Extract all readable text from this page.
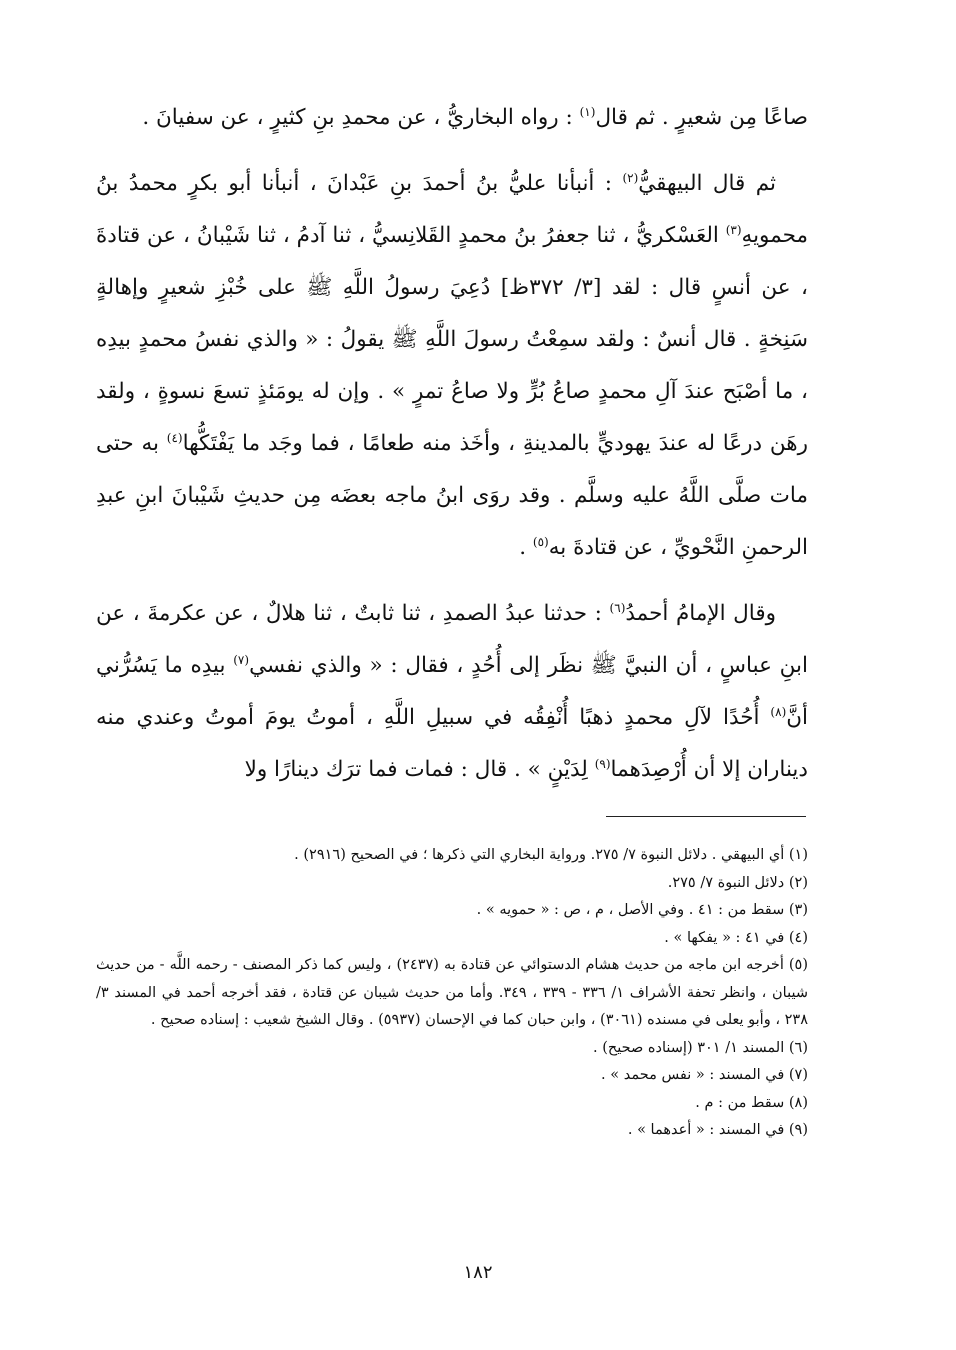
صاعًا مِن شعيرٍ . ثم قال$^{(١)}$ : رواه البخاريُّ ، عن محمدِ بنِ كثيرٍ ، عن سفيانَ .

ثم قال البيهقيُّ$^{(٢)}$ : أنبأنا عليُّ بنُ أحمدَ بنِ عَبْدانَ ، أنبأنا أبو بكرٍ محمدُ بنُ محمويهِ$^{(٣)}$ العَسْكريُّ ، ثنا جعفرُ بنُ محمدٍ القَلانِسيُّ ، ثنا آدمُ ، ثنا شَيْبانُ ، عن قتادةَ ، عن أنسٍ قال : لقد [٣/ ٣٧٢ظ] دُعِيَ رسولُ اللَّهِ ﷺ على خُبْزِ شعيرٍ وإهالةٍ سَنِخةٍ . قال أنسٌ : ولقد سمِعْتُ رسولَ اللَّهِ ﷺ يقولُ : « والذي نفسُ محمدٍ بيدِه ، ما أصْبَح عندَ آلِ محمدٍ صاعُ بُرٍّ ولا صاعُ تمرٍ » . وإن له يومَئذٍ تسعَ نسوةٍ ، ولقد رهَن درعًا له عندَ يهوديٍّ بالمدينةِ ، وأخَذ منه طعامًا ، فما وجَد ما يَفْتَكُّها$^{(٤)}$ به حتى مات صلَّى اللَّهُ عليه وسلَّم . وقد روَى ابنُ ماجه بعضَه مِن حديثِ شَيْبانَ ابنِ عبدِ الرحمنِ النَّحْويِّ ، عن قتادةَ به$^{(٥)}$ .

وقال الإمامُ أحمدُ$^{(٦)}$ : حدثنا عبدُ الصمدِ ، ثنا ثابتٌ ، ثنا هلالٌ ، عن عكرمةَ ، عن ابنِ عباسٍ ، أن النبيَّ ﷺ نظَر إلى أُحُدٍ ، فقال : « والذي نفسي$^{(٧)}$ بيدِه ما يَسُرُّني أنَّ$^{(٨)}$ أُحُدًا لآلِ محمدٍ ذهبًا أُنْفِقُه في سبيلِ اللَّهِ ، أموتُ يومَ أموتُ وعندي منه ديناران إلا أن أُرْصِدَهما$^{(٩)}$ لِدَيْنٍ » . قال : فمات فما ترَك دينارًا ولا

(١) أي البيهقي . دلائل النبوة ٧/ ٢٧٥. ورواية البخاري التي ذكرها ؛ في الصحيح (٢٩١٦) .

(٢) دلائل النبوة ٧/ ٢٧٥.

(٣) سقط من : ٤١ . وفي الأصل ، م ، ص : « حمويه » .

(٤) في ٤١ : « يفكها » .

(٥) أخرجه ابن ماجه من حديث هشام الدستوائي عن قتادة به (٢٤٣٧) ، وليس كما ذكر المصنف - رحمه اللَّه - من حديث شيبان ، وانظر تحفة الأشراف ١/ ٣٣٦ - ٣٣٩ ، ٣٤٩. وأما من حديث شيبان عن قتادة ، فقد أخرجه أحمد في المسند ٣/ ٢٣٨ ، وأبو يعلى في مسنده (٣٠٦١) ، وابن حبان كما في الإحسان (٥٩٣٧) . وقال الشيخ شعيب : إسناده صحيح .

(٦) المسند ١/ ٣٠١ (إسناده صحيح) .

(٧) في المسند : « نفس محمد » .

(٨) سقط من : م .

(٩) في المسند : « أعدهما » .

١٨٢
